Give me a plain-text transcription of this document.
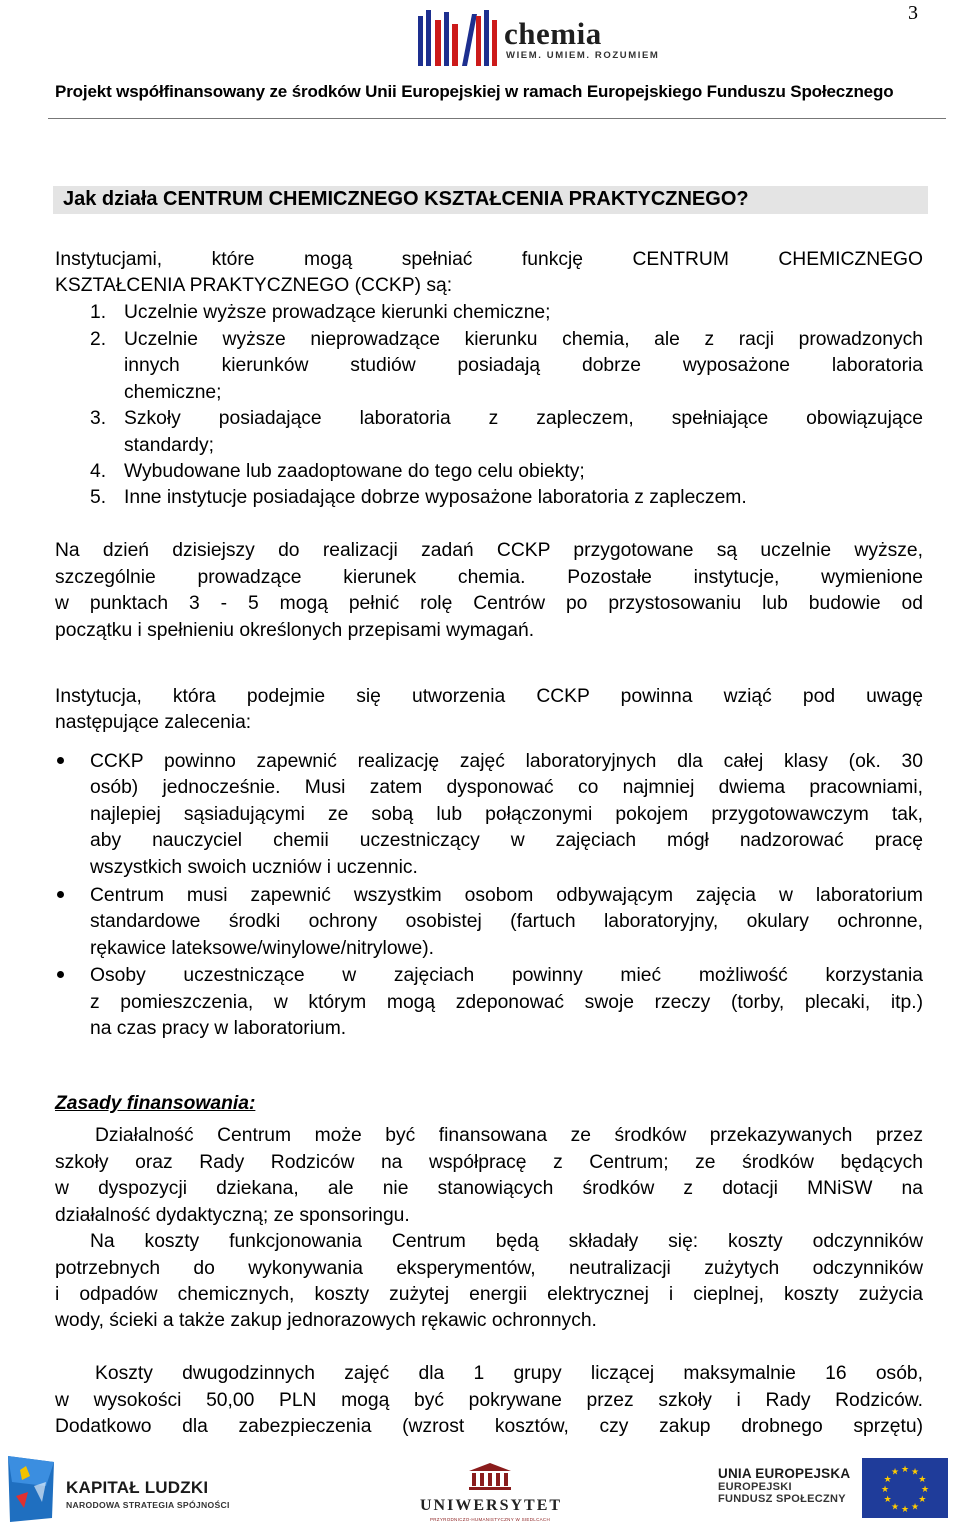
3
chemia
WIEM. UMIEM. ROZUMIEM
Projekt współfinansowany ze środków Unii Europejskiej w ramach Europejskiego Funduszu Społecznego
Jak działa CENTRUM CHEMICZNEGO KSZTAŁCENIA PRAKTYCZNEGO?
Instytucjami, które mogą spełniać funkcję CENTRUM CHEMICZNEGO
KSZTAŁCENIA PRAKTYCZNEGO (CCKP) są:
1. Uczelnie wyższe prowadzące kierunki chemiczne;
2. Uczelnie wyższe nieprowadzące kierunku chemia, ale z racji prowadzonych
innych kierunków studiów posiadają dobrze wyposażone laboratoria
chemiczne;
3. Szkoły posiadające laboratoria z zapleczem, spełniające obowiązujące
standardy;
4. Wybudowane lub zaadoptowane do tego celu obiekty;
5. Inne instytucje posiadające dobrze wyposażone laboratoria z zapleczem.
Na dzień dzisiejszy do realizacji zadań CCKP przygotowane są uczelnie wyższe,
szczególnie prowadzące kierunek chemia. Pozostałe instytucje, wymienione
w punktach 3 - 5 mogą pełnić rolę Centrów po przystosowaniu lub budowie od
początku i spełnieniu określonych przepisami wymagań.
Instytucja, która podejmie się utworzenia CCKP powinna wziąć pod uwagę
następujące zalecenia:
CCKP powinno zapewnić realizację zajęć laboratoryjnych dla całej klasy (ok. 30
osób) jednocześnie. Musi zatem dysponować co najmniej dwiema pracowniami,
najlepiej sąsiadującymi ze sobą lub połączonymi pokojem przygotowawczym tak,
aby nauczyciel chemii uczestniczący w zajęciach mógł nadzorować pracę
wszystkich swoich uczniów i uczennic.
Centrum musi zapewnić wszystkim osobom odbywającym zajęcia w laboratorium
standardowe środki ochrony osobistej (fartuch laboratoryjny, okulary ochronne,
rękawice lateksowe/winylowe/nitrylowe).
Osoby uczestniczące w zajęciach powinny mieć możliwość korzystania
z pomieszczenia, w którym mogą zdeponować swoje rzeczy (torby, plecaki, itp.)
na czas pracy w laboratorium.
Zasady finansowania:
Działalność Centrum może być finansowana ze środków przekazywanych przez
szkoły oraz Rady Rodziców na współpracę z Centrum; ze środków będących
w dyspozycji dziekana, ale nie stanowiących środków z dotacji MNiSW na
działalność dydaktyczną; ze sponsoringu.
Na koszty funkcjonowania Centrum będą składały się: koszty odczynników
potrzebnych do wykonywania eksperymentów, neutralizacji zużytych odczynników
i odpadów chemicznych, koszty zużytej energii elektrycznej i cieplnej, koszty zużycia
wody, ścieki a także zakup jednorazowych rękawic ochronnych.
Koszty dwugodzinnych zajęć dla 1 grupy liczącej maksymalnie 16 osób,
w wysokości 50,00 PLN mogą być pokrywane przez szkoły i Rady Rodziców.
Dodatkowo dla zabezpieczenia (wzrost kosztów, czy zakup drobnego sprzętu)
KAPITAŁ LUDZKI
NARODOWA STRATEGIA SPÓJNOŚCI	UNIWERSYTET
PRZYRODNICZO-HUMANISTYCZNY W SIEDLCACH
UNIA EUROPEJSKA
EUROPEJSKI
FUNDUSZ SPOŁECZNY
★ ★
★
★
★
★
★
★
★
★
★
★
